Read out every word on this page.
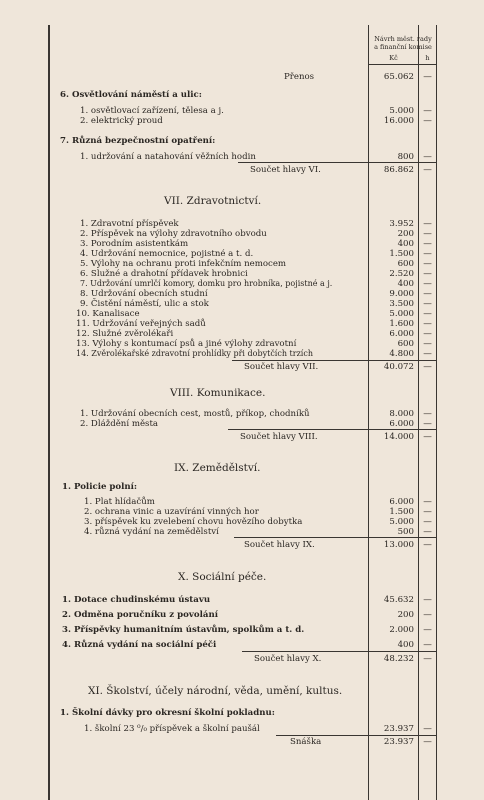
Návrh měst. rady
a finanční komise
Kč	h
Přenos	65.062	—
6. Osvětlování náměstí a ulic:
1. osvětlovací zařízení, tělesa a j.	5.000	—
2. elektrický proud	16.000	—
7. Různá bezpečnostní opatření:
1. udržování a natahování věžních hodin	800	—
Součet hlavy VI.	86.862	—
VII. Zdravotnictví.
1. Zdravotní příspěvek	3.952	—
2. Příspěvek na výlohy zdravotního obvodu	200	—
3. Porodním asistentkám	400	—
4. Udržování nemocnice, pojistné a t. d.	1.500	—
5. Výlohy na ochranu proti infekčním nemocem	600	—
6. Služné a drahotní přídavek hrobnici	2.520	—
7. Udržování umrlčí komory, domku pro hrobníka, pojistné a j.	400	—
8. Udržování obecních studní	9.000	—
9. Čistění náměstí, ulic a stok	3.500	—
10. Kanalisace	5.000	—
11. Udržování veřejných sadů	1.600	—
12. Služné zvěrolékaři	6.000	—
13. Výlohy s kontumací psů a jiné výlohy zdravotní	600	—
14. Zvěrolékařské zdravotní prohlídky při dobytčích trzích	4.800	—
Součet hlavy VII.	40.072	—
VIII. Komunikace.
1. Udržování obecních cest, mostů, příkop, chodníků	8.000	—
2. Dláždění města	6.000	—
Součet hlavy VIII.	14.000	—
IX. Zemědělství.
1. Policie polní:
1. Plat hlídačům	6.000	—
2. ochrana vinic a uzavírání vinných hor	1.500	—
3. příspěvek ku zvelebení chovu hovězího dobytka	5.000	—
4. různá vydání na zemědělství	500	—
Součet hlavy IX.	13.000	—
X. Sociální péče.
1. Dotace chudinskému ústavu	45.632	—
2. Odměna poručníku z povolání	200	—
3. Příspěvky humanitním ústavům, spolkům a t. d.	2.000	—
4. Různá vydání na sociální péči	400	—
Součet hlavy X.	48.232	—
XI. Školství, účely národní, věda, umění, kultus.
1. Školní dávky pro okresní školní pokladnu:
1. školní 23 ⁰/₀ příspěvek a školní paušál	23.937	—
Snáška	23.937	—
